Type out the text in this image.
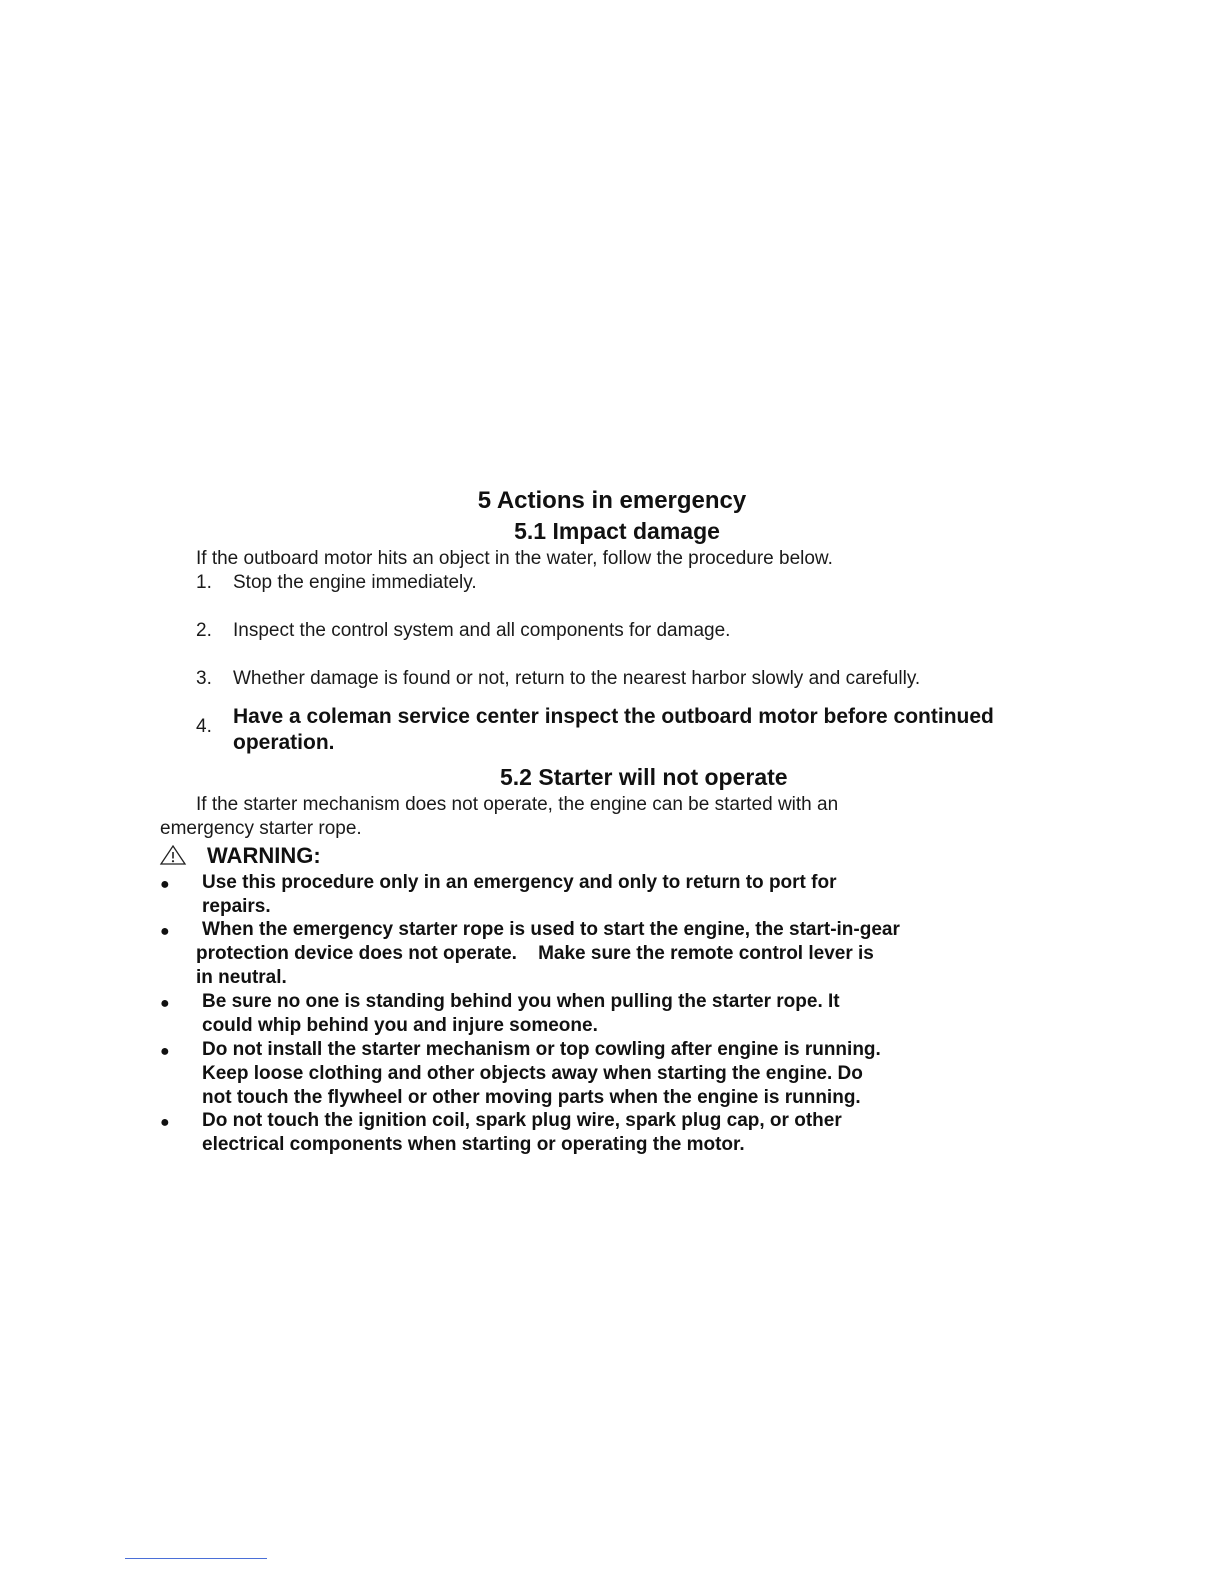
5 Actions in emergency
5.1 Impact damage
If the outboard motor hits an object in the water, follow the procedure below.
1. Stop the engine immediately.
2. Inspect the control system and all components for damage.
3. Whether damage is found or not, return to the nearest harbor slowly and carefully.
4. Have a coleman service center inspect the outboard motor before continued
operation.
5.2 Starter will not operate
If the starter mechanism does not operate, the engine can be started with an
emergency starter rope.
WARNING:
● Use this procedure only in an emergency and only to return to port for
repairs.
● When the emergency starter rope is used to start the engine, the start-in-gear
protection device does not operate.    Make sure the remote control lever is
in neutral.
● Be sure no one is standing behind you when pulling the starter rope. It
could whip behind you and injure someone.
● Do not install the starter mechanism or top cowling after engine is running.
Keep loose clothing and other objects away when starting the engine. Do
not touch the flywheel or other moving parts when the engine is running.
● Do not touch the ignition coil, spark plug wire, spark plug cap, or other
electrical components when starting or operating the motor.
